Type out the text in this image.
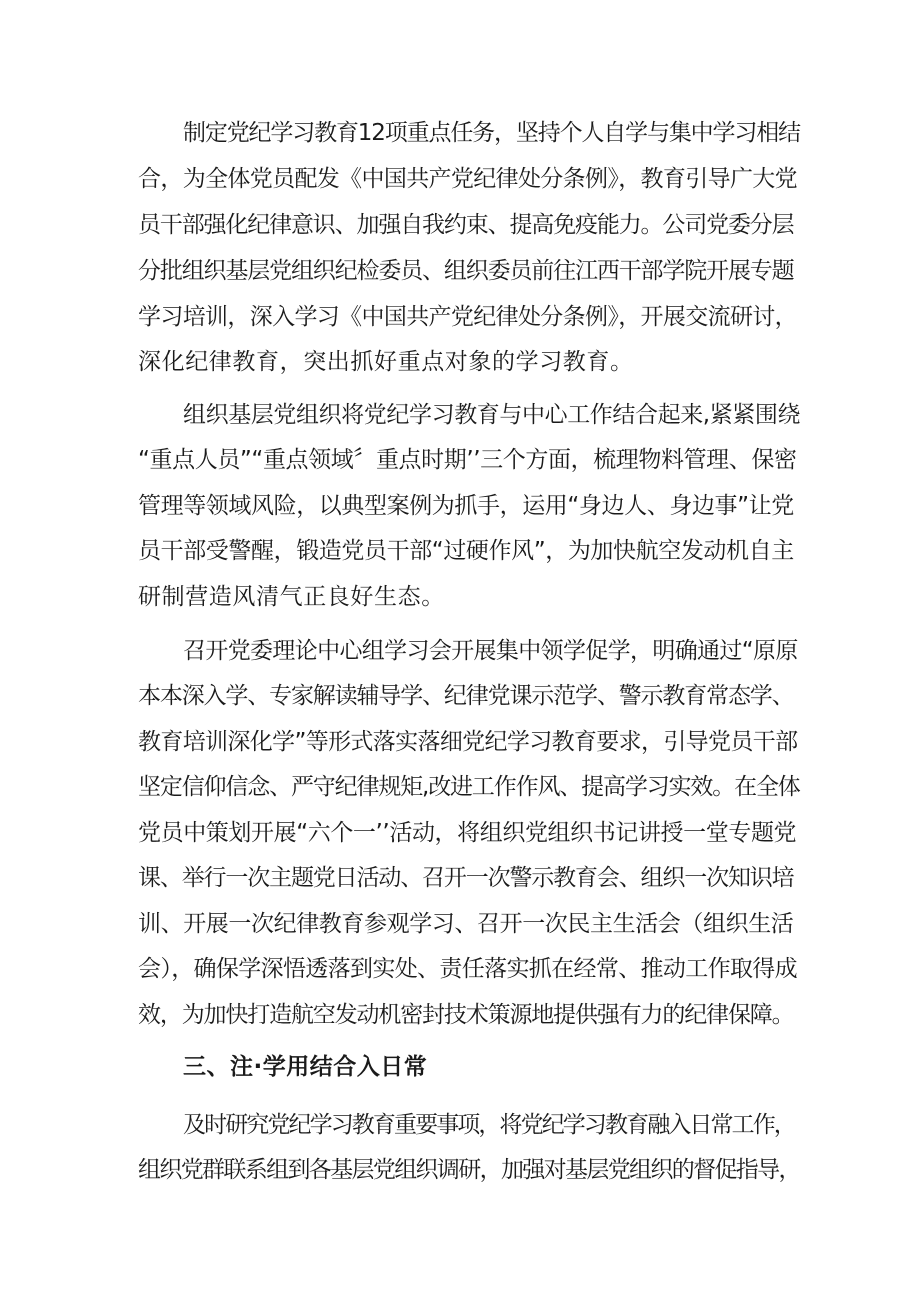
制定党纪学习教育12项重点任务，坚持个人自学与集中学习相结
合，为全体党员配发《中国共产党纪律处分条例》，教育引导广大党
员干部强化纪律意识、加强自我约束、提高免疫能力。公司党委分层
分批组织基层党组织纪检委员、组织委员前往江西干部学院开展专题
学习培训，深入学习《中国共产党纪律处分条例》，开展交流研讨，
深化纪律教育，突出抓好重点对象的学习教育。
组织基层党组织将党纪学习教育与中心工作结合起来,紧紧围绕
“重点人员”“重点领域〞重点时期’’三个方面，梳理物料管理、保密
管理等领域风险，以典型案例为抓手，运用“身边人、身边事”让党
员干部受警醒，锻造党员干部“过硬作风”，为加快航空发动机自主
研制营造风清气正良好生态。
召开党委理论中心组学习会开展集中领学促学，明确通过“原原
本本深入学、专家解读辅导学、纪律党课示范学、警示教育常态学、
教育培训深化学”等形式落实落细党纪学习教育要求，引导党员干部
坚定信仰信念、严守纪律规矩,改进工作作风、提高学习实效。在全体
党员中策划开展“六个一’’活动，将组织党组织书记讲授一堂专题党
课、举行一次主题党日活动、召开一次警示教育会、组织一次知识培
训、开展一次纪律教育参观学习、召开一次民主生活会（组织生活
会），确保学深悟透落到实处、责任落实抓在经常、推动工作取得成
效，为加快打造航空发动机密封技术策源地提供强有力的纪律保障。
三、注·学用结合入日常
及时研究党纪学习教育重要事项，将党纪学习教育融入日常工作，
组织党群联系组到各基层党组织调研，加强对基层党组织的督促指导，
